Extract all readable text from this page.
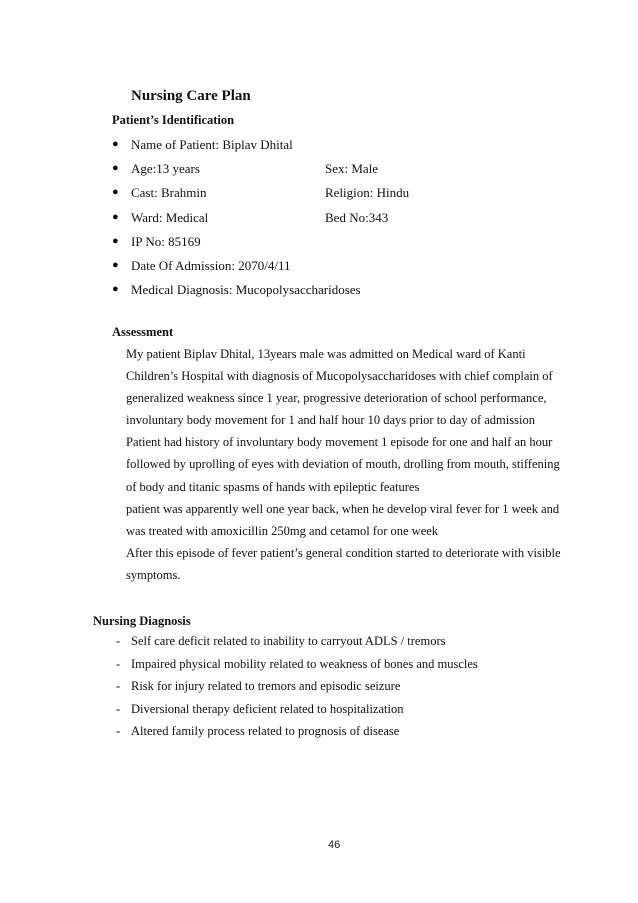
Nursing Care Plan
Patient’s Identification
● Name of Patient: Biplav Dhital
● Age:13 years	Sex: Male
● Cast: Brahmin	Religion: Hindu
● Ward: Medical	Bed No:343
● IP No: 85169
● Date Of Admission: 2070/4/11
● Medical Diagnosis: Mucopolysaccharidoses
Assessment
My patient Biplav Dhital, 13years male was admitted on Medical ward of Kanti
Children’s Hospital with diagnosis of Mucopolysaccharidoses with chief complain of
generalized weakness since 1 year, progressive deterioration of school performance,
involuntary body movement for 1 and half hour 10 days prior to day of admission
Patient had history of involuntary body movement 1 episode for one and half an hour
followed by uprolling of eyes with deviation of mouth, drolling from mouth, stiffening
of body and titanic spasms of hands with epileptic features
patient was apparently well one year back, when he develop viral fever for 1 week and
was treated with amoxicillin 250mg and cetamol for one week
After this episode of fever patient’s general condition started to deteriorate with visible
symptoms.
Nursing Diagnosis
- Self care deficit related to inability to carryout ADLS / tremors
- Impaired physical mobility related to weakness of bones and muscles
- Risk for injury related to tremors and episodic seizure
- Diversional therapy deficient related to hospitalization
- Altered family process related to prognosis of disease
46
